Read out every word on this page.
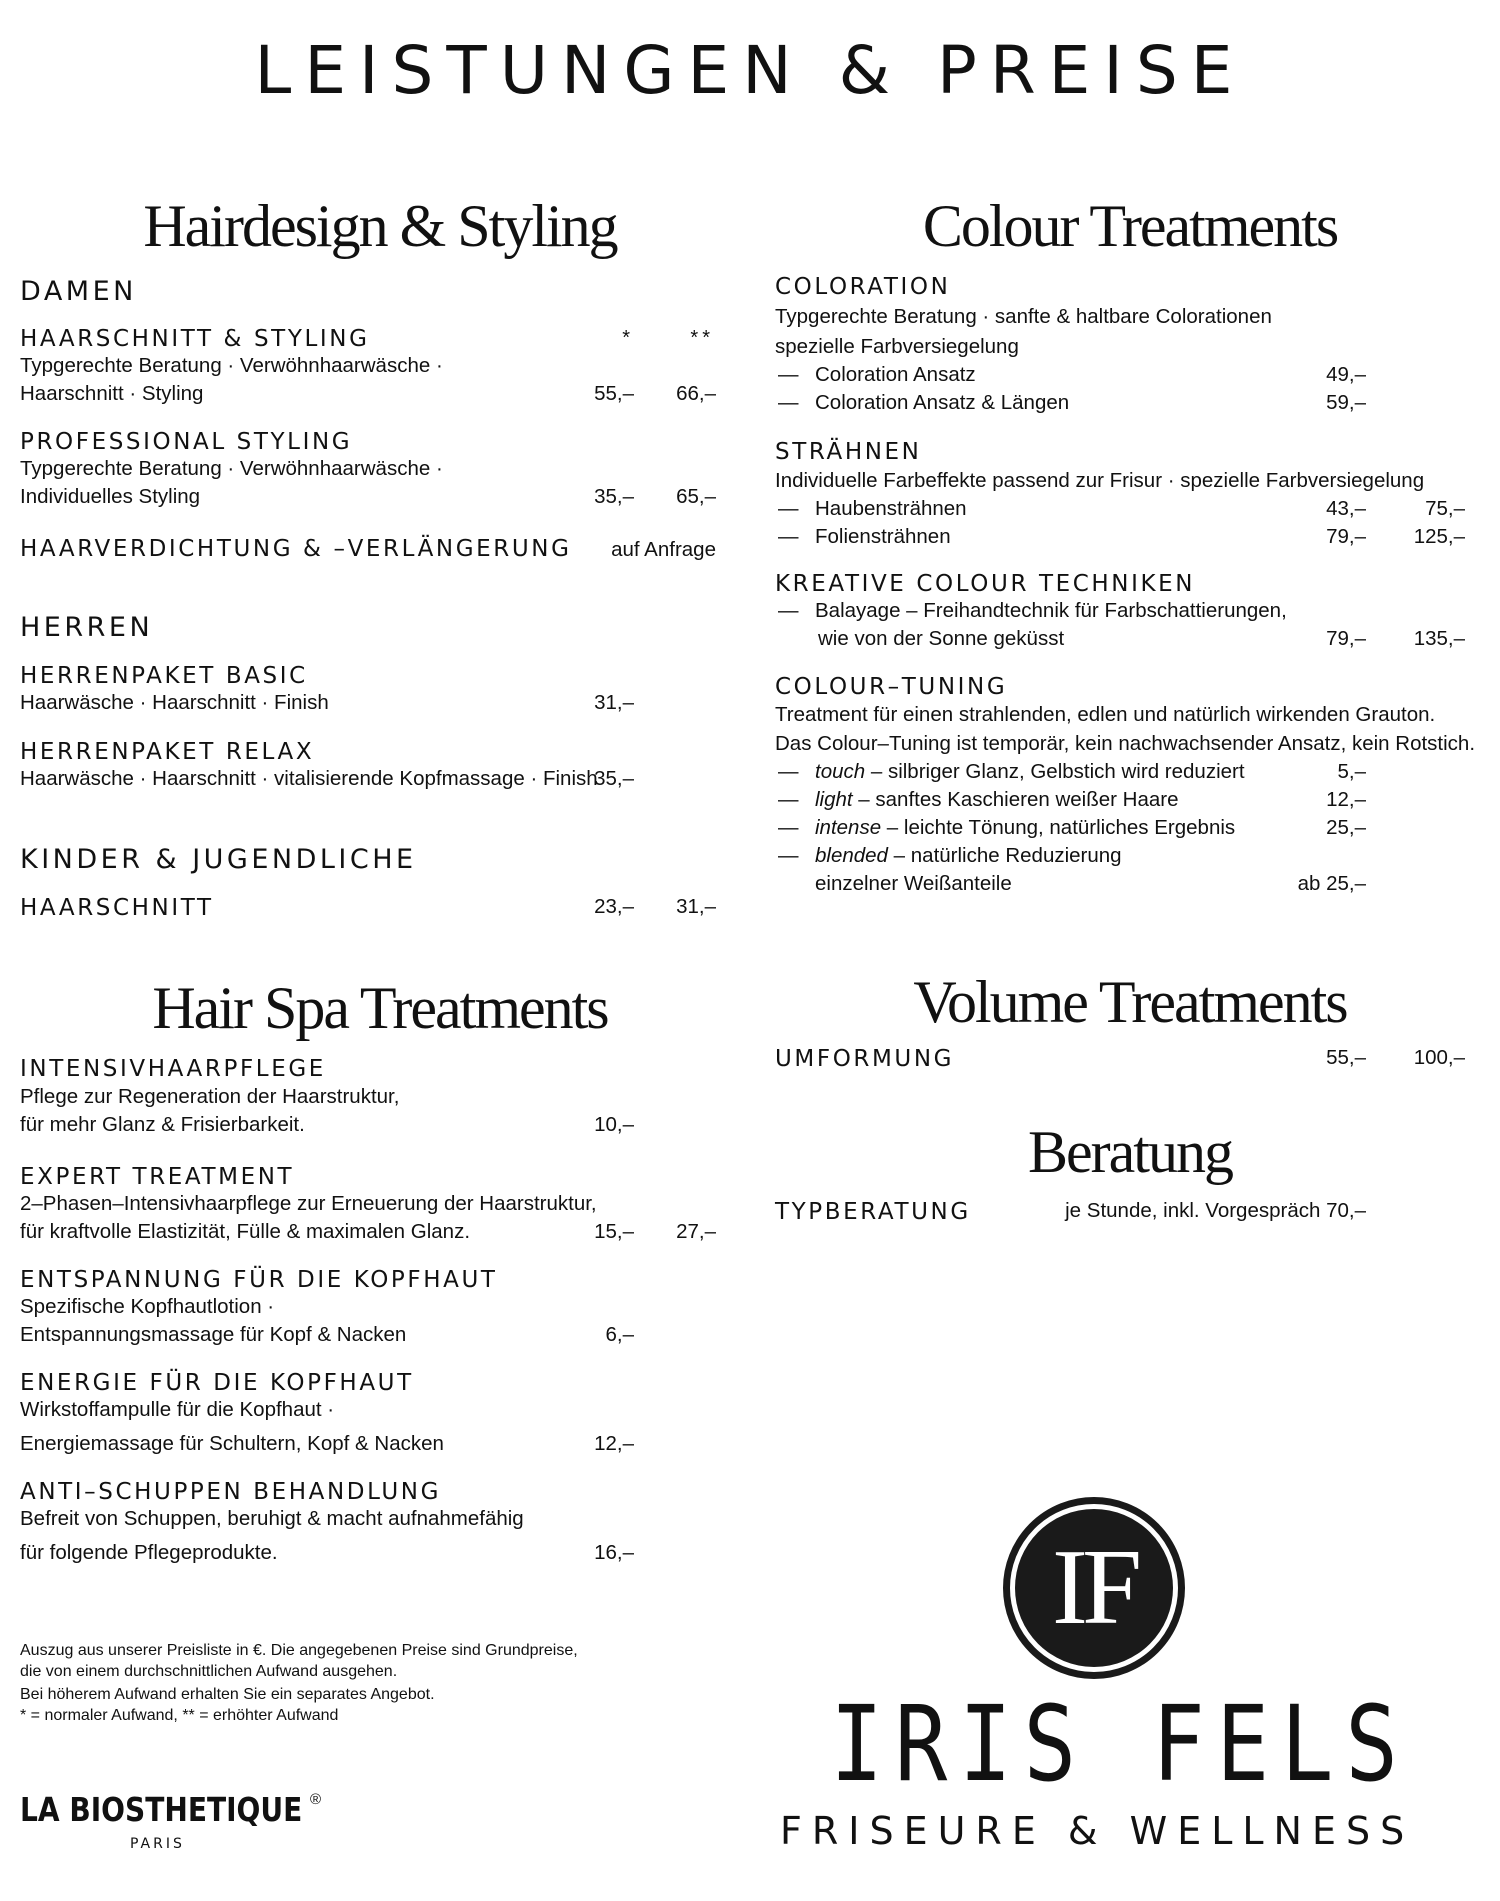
LEISTUNGEN & PREISE
Hairdesign & Styling
DAMEN
HAARSCHNITT & STYLING	*	**
Typgerechte Beratung · Verwöhnhaarwäsche ·
Haarschnitt · Styling	55,–	66,–
PROFESSIONAL STYLING
Typgerechte Beratung · Verwöhnhaarwäsche ·
Individuelles Styling	35,–	65,–
HAARVERDICHTUNG & –VERLÄNGERUNG	auf Anfrage
HERREN
HERRENPAKET BASIC
Haarwäsche · Haarschnitt · Finish	31,–
HERRENPAKET RELAX
Haarwäsche · Haarschnitt · vitalisierende Kopfmassage · Finish
35,–
KINDER & JUGENDLICHE
HAARSCHNITT	23,–	31,–
Hair Spa Treatments
INTENSIVHAARPFLEGE
Pflege zur Regeneration der Haarstruktur,
für mehr Glanz & Frisierbarkeit.	10,–
EXPERT TREATMENT
2–Phasen–Intensivhaarpflege zur Erneuerung der Haarstruktur,
für kraftvolle Elastizität, Fülle & maximalen Glanz.	15,–	27,–
ENTSPANNUNG FÜR DIE KOPFHAUT
Spezifische Kopfhautlotion ·
Entspannungsmassage für Kopf & Nacken	6,–
ENERGIE FÜR DIE KOPFHAUT
Wirkstoffampulle für die Kopfhaut ·
Energiemassage für Schultern, Kopf & Nacken	12,–
ANTI–SCHUPPEN BEHANDLUNG
Befreit von Schuppen, beruhigt & macht aufnahmefähig
für folgende Pflegeprodukte.	16,–
Auszug aus unserer Preisliste in €. Die angegebenen Preise sind Grundpreise,
die von einem durchschnittlichen Aufwand ausgehen.
Bei höherem Aufwand erhalten Sie ein separates Angebot.
* = normaler Aufwand, ** = erhöhter Aufwand
LA BIOSTHETIQUE ®
PARIS
Colour Treatments
COLORATION
Typgerechte Beratung · sanfte & haltbare Colorationen
spezielle Farbversiegelung
— Coloration Ansatz	49,–
— Coloration Ansatz & Längen	59,–
STRÄHNEN
Individuelle Farbeffekte passend zur Frisur · spezielle Farbversiegelung
— Haubensträhnen	43,–	75,–
— Foliensträhnen	79,–	125,–
KREATIVE COLOUR TECHNIKEN
— Balayage – Freihandtechnik für Farbschattierungen,
wie von der Sonne geküsst	79,–	135,–
COLOUR–TUNING
Treatment für einen strahlenden, edlen und natürlich wirkenden Grauton.
Das Colour–Tuning ist temporär, kein nachwachsender Ansatz, kein Rotstich.
— touch – silbriger Glanz, Gelbstich wird reduziert	5,–
— light – sanftes Kaschieren weißer Haare	12,–
— intense – leichte Tönung, natürliches Ergebnis	25,–
— blended – natürliche Reduzierung
einzelner Weißanteile	ab 25,–
Volume Treatments
UMFORMUNG	55,–	100,–
Beratung
TYPBERATUNG	je Stunde, inkl. Vorgespräch 70,–
IF
IRIS FELS
FRISEURE & WELLNESS
